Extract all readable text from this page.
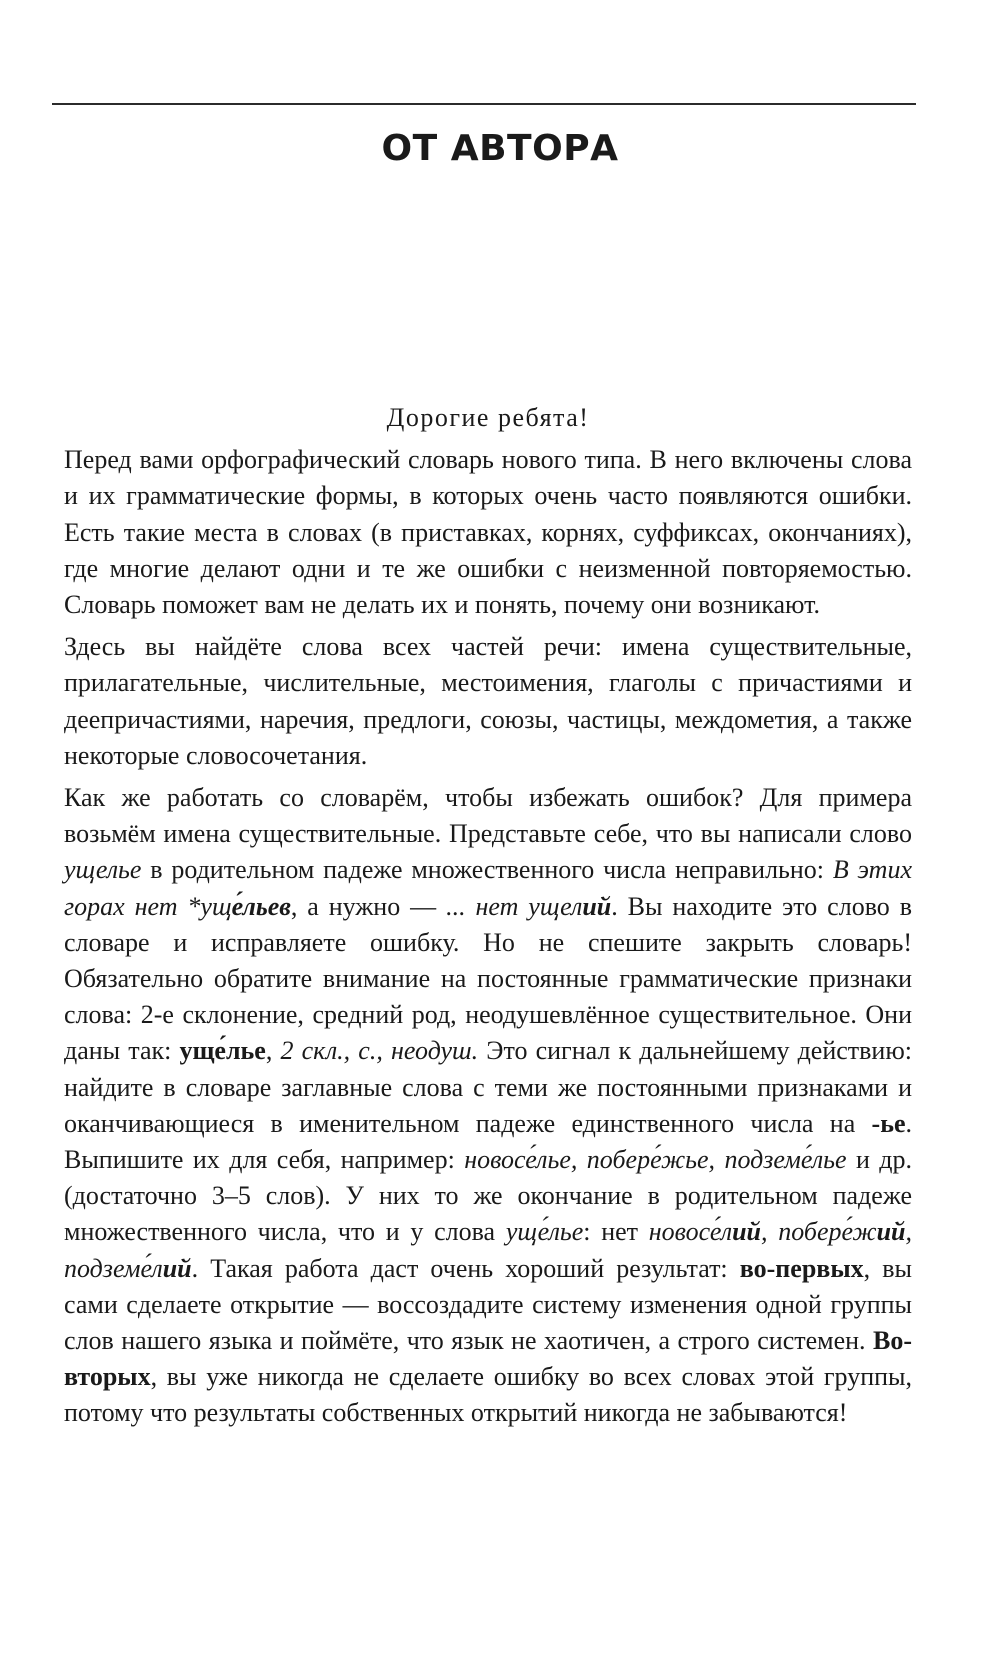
ОТ АВТОРА

Дорогие ребята!

Перед вами орфографический словарь нового типа. В него включены слова и их грамматические формы, в которых очень часто появляются ошибки. Есть такие места в словах (в приставках, корнях, суффиксах, окончаниях), где многие делают одни и те же ошибки с неизменной повторяемостью. Словарь поможет вам не делать их и понять, почему они возникают.

Здесь вы найдёте слова всех частей речи: имена существительные, прилагательные, числительные, местоимения, глаголы с причастиями и деепричастиями, наречия, предлоги, союзы, частицы, междометия, а также некоторые словосочетания.

Как же работать со словарём, чтобы избежать ошибок? Для примера возьмём имена существительные. Представьте себе, что вы написали слово ущелье в родительном падеже множественного числа неправильно: В этих горах нет *уще́льев, а нужно — ... нет ущелий. Вы находите это слово в словаре и исправляете ошибку. Но не спешите закрыть словарь! Обязательно обратите внимание на постоянные грамматические признаки слова: 2-е склонение, средний род, неодушевлённое существительное. Они даны так: уще́лье, 2 скл., с., неодуш. Это сигнал к дальнейшему действию: найдите в словаре заглавные слова с теми же постоянными признаками и оканчивающиеся в именительном падеже единственного числа на -ье. Выпишите их для себя, например: новосе́лье, побере́жье, подземе́лье и др. (достаточно 3–5 слов). У них то же окончание в родительном падеже множественного числа, что и у слова уще́лье: нет новосе́лий, побере́жий, подземе́лий. Такая работа даст очень хороший результат: во-первых, вы сами сделаете открытие — воссоздадите систему изменения одной группы слов нашего языка и поймёте, что язык не хаотичен, а строго системен. Во-вторых, вы уже никогда не сделаете ошибку во всех словах этой группы, потому что результаты собственных открытий никогда не забываются!
